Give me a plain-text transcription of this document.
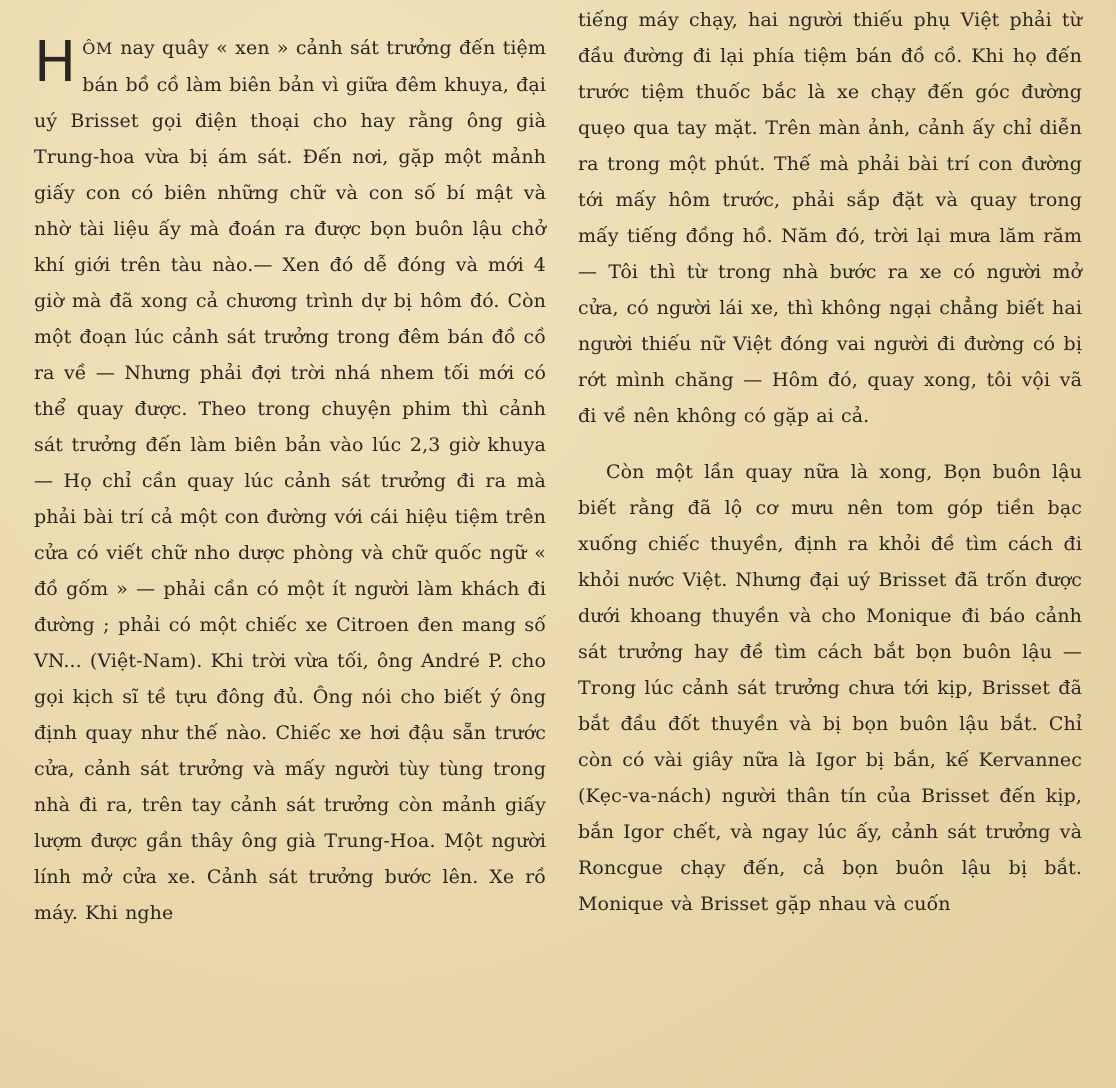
HÔM nay quây « xen » cảnh sát trưởng đến tiệm bán bồ cồ làm biên bản vì giữa đêm khuya, đại uý Brisset gọi điện thoại cho hay rằng ông già Trung-hoa vừa bị ám sát. Đến nơi, gặp một mảnh giấy con có biên những chữ và con số bí mật và nhờ tài liệu ấy mà đoán ra được bọn buôn lậu chở khí giới trên tàu nào.— Xen đó dễ đóng và mới 4 giờ mà đã xong cả chương trình dự bị hôm đó. Còn một đoạn lúc cảnh sát trưởng trong đêm bán đồ cồ ra về — Nhưng phải đợi trời nhá nhem tối mới có thể quay được. Theo trong chuyện phim thì cảnh sát trưởng đến làm biên bản vào lúc 2,3 giờ khuya — Họ chỉ cần quay lúc cảnh sát trưởng đi ra mà phải bài trí cả một con đường với cái hiệu tiệm trên cửa có viết chữ nho dược phòng và chữ quốc ngữ « đồ gốm » — phải cần có một ít người làm khách đi đường ; phải có một chiếc xe Citroen đen mang số VN... (Việt-Nam). Khi trời vừa tối, ông André P. cho gọi kịch sĩ tề tựu đông đủ. Ông nói cho biết ý ông định quay như thế nào. Chiếc xe hơi đậu sẵn trước cửa, cảnh sát trưởng và mấy người tùy tùng trong nhà đi ra, trên tay cảnh sát trưởng còn mảnh giấy lượm được gần thây ông già Trung-Hoa. Một người lính mở cửa xe. Cảnh sát trưởng bước lên. Xe rồ máy. Khi nghe

tiếng máy chạy, hai người thiếu phụ Việt phải từ đầu đường đi lại phía tiệm bán đồ cồ. Khi họ đến trước tiệm thuốc bắc là xe chạy đến góc đường quẹo qua tay mặt. Trên màn ảnh, cảnh ấy chỉ diễn ra trong một phút. Thế mà phải bài trí con đường tới mấy hôm trước, phải sắp đặt và quay trong mấy tiếng đồng hồ. Năm đó, trời lại mưa lăm răm — Tôi thì từ trong nhà bước ra xe có người mở cửa, có người lái xe, thì không ngại chẳng biết hai người thiếu nữ Việt đóng vai người đi đường có bị rớt mình chăng — Hôm đó, quay xong, tôi vội vã đi về nên không có gặp ai cả.

Còn một lần quay nữa là xong, Bọn buôn lậu biết rằng đã lộ cơ mưu nên tom góp tiền bạc xuống chiếc thuyền, định ra khỏi đề tìm cách đi khỏi nước Việt. Nhưng đại uý Brisset đã trốn được dưới khoang thuyền và cho Monique đi báo cảnh sát trưởng hay đề tìm cách bắt bọn buôn lậu — Trong lúc cảnh sát trưởng chưa tới kịp, Brisset đã bắt đầu đốt thuyền và bị bọn buôn lậu bắt. Chỉ còn có vài giây nữa là Igor bị bắn, kế Kervannec (Kẹc-va-nách) người thân tín của Brisset đến kịp, bắn Igor chết, và ngay lúc ấy, cảnh sát trưởng và Roncgue chạy đến, cả bọn buôn lậu bị bắt. Monique và Brisset gặp nhau và cuốn
